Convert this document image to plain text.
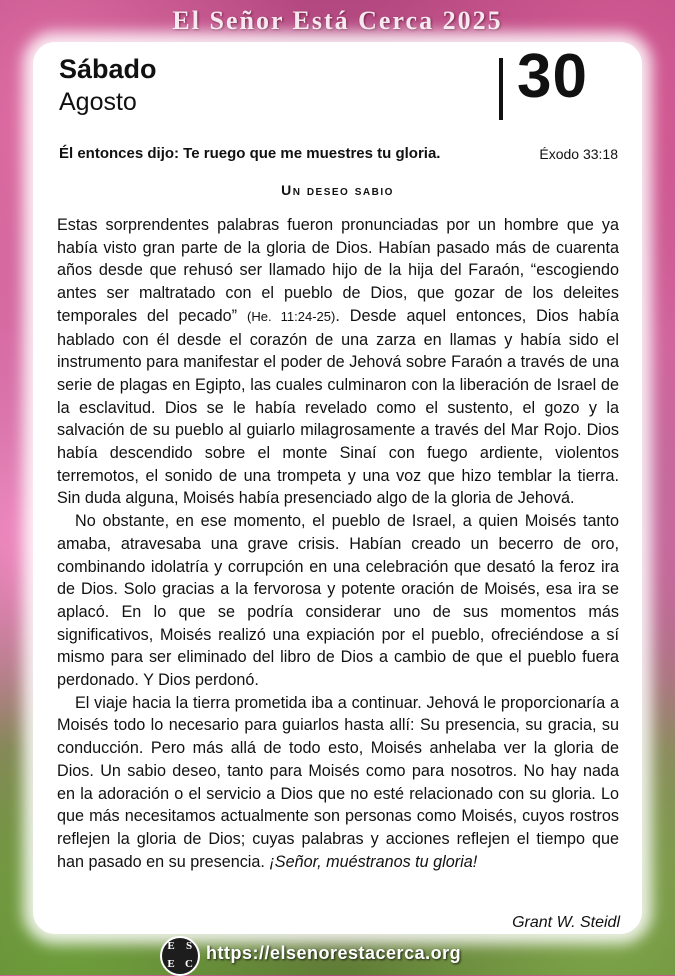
El Señor Está Cerca 2025
Sábado
Agosto	30
Él entonces dijo: Te ruego que me muestres tu gloria.	Éxodo 33:18
Un deseo sabio

Estas sorprendentes palabras fueron pronunciadas por un hombre que ya había visto gran parte de la gloria de Dios. Habían pasado más de cuarenta años desde que rehusó ser llamado hijo de la hija del Faraón, “escogiendo antes ser maltratado con el pueblo de Dios, que gozar de los deleites temporales del pecado” (He. 11:24-25). Desde aquel entonces, Dios había hablado con él desde el corazón de una zarza en llamas y había sido el instrumento para manifestar el poder de Jehová sobre Faraón a través de una serie de plagas en Egipto, las cuales culminaron con la liberación de Israel de la esclavitud. Dios se le había revelado como el sustento, el gozo y la salvación de su pueblo al guiarlo milagrosamente a través del Mar Rojo. Dios había descendido sobre el monte Sinaí con fuego ardiente, violentos terremotos, el sonido de una trompeta y una voz que hizo temblar la tierra. Sin duda alguna, Moisés había presenciado algo de la gloria de Jehová.

No obstante, en ese momento, el pueblo de Israel, a quien Moisés tanto amaba, atravesaba una grave crisis. Habían creado un becerro de oro, combinando idolatría y corrupción en una celebración que desató la feroz ira de Dios. Solo gracias a la fervorosa y potente oración de Moisés, esa ira se aplacó. En lo que se podría considerar uno de sus momentos más significativos, Moisés realizó una expiación por el pueblo, ofreciéndose a sí mismo para ser eliminado del libro de Dios a cambio de que el pueblo fuera perdonado. Y Dios perdonó.

El viaje hacia la tierra prometida iba a continuar. Jehová le proporcionaría a Moisés todo lo necesario para guiarlos hasta allí: Su presencia, su gracia, su conducción. Pero más allá de todo esto, Moisés anhelaba ver la gloria de Dios. Un sabio deseo, tanto para Moisés como para nosotros. No hay nada en la adoración o el servicio a Dios que no esté relacionado con su gloria. Lo que más necesitamos actualmente son personas como Moisés, cuyos rostros reflejen la gloria de Dios; cuyas palabras y acciones reflejen el tiempo que han pasado en su presencia. ¡Señor, muéstranos tu gloria!

Grant W. Steidl
E	S
E C
https://elsenorestacerca.org
